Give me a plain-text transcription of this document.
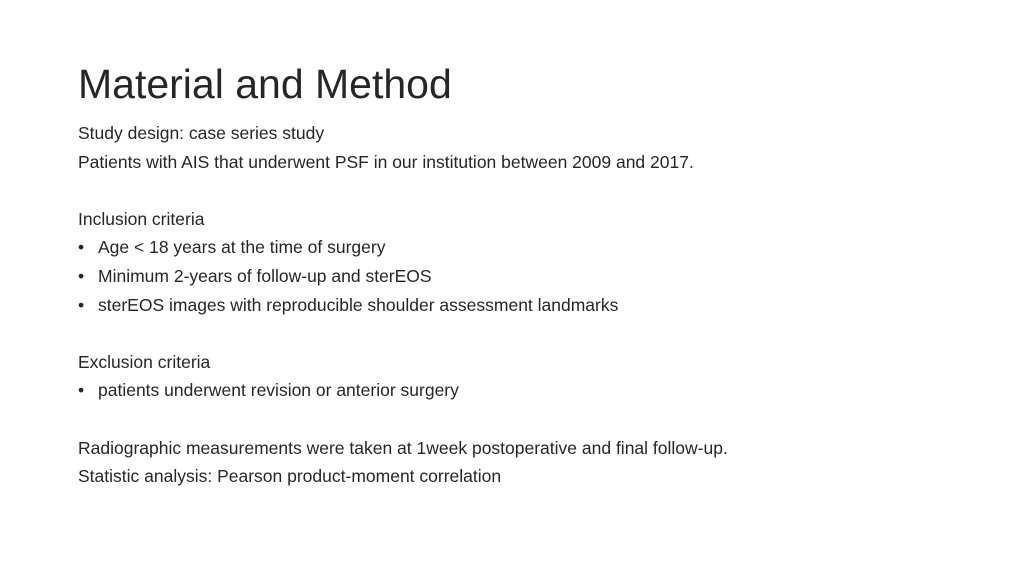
Material and Method
Study design: case series study
Patients with AIS that underwent PSF in our institution between 2009 and 2017.
Inclusion criteria
• Age < 18 years at the time of surgery
• Minimum 2-years of follow-up and sterEOS
• sterEOS images with reproducible shoulder assessment landmarks
Exclusion criteria
• patients underwent revision or anterior surgery
Radiographic measurements were taken at 1week postoperative and final follow-up.
Statistic analysis: Pearson product-moment correlation
